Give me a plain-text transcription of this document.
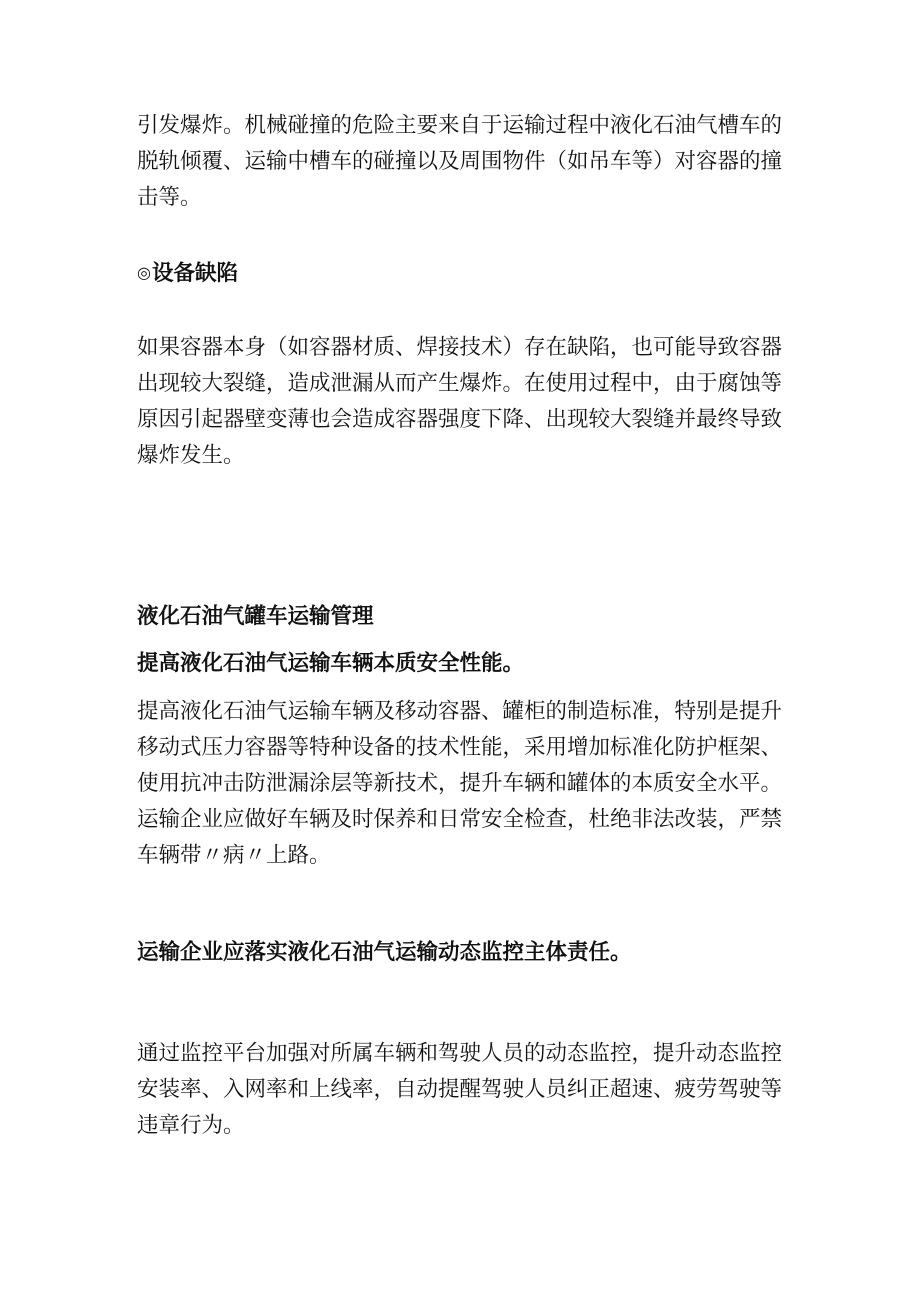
引发爆炸。机械碰撞的危险主要来自于运输过程中液化石油气槽车的
脱轨倾覆、运输中槽车的碰撞以及周围物件（如吊车等）对容器的撞
击等。

◎设备缺陷

如果容器本身（如容器材质、焊接技术）存在缺陷，也可能导致容器
出现较大裂缝，造成泄漏从而产生爆炸。在使用过程中，由于腐蚀等
原因引起器壁变薄也会造成容器强度下降、出现较大裂缝并最终导致
爆炸发生。

液化石油气罐车运输管理

提高液化石油气运输车辆本质安全性能。

提高液化石油气运输车辆及移动容器、罐柜的制造标准，特别是提升
移动式压力容器等特种设备的技术性能，采用增加标准化防护框架、
使用抗冲击防泄漏涂层等新技术，提升车辆和罐体的本质安全水平。
运输企业应做好车辆及时保养和日常安全检查，杜绝非法改装，严禁
车辆带〃病〃上路。

运输企业应落实液化石油气运输动态监控主体责任。

通过监控平台加强对所属车辆和驾驶人员的动态监控，提升动态监控
安装率、入网率和上线率，自动提醒驾驶人员纠正超速、疲劳驾驶等
违章行为。
